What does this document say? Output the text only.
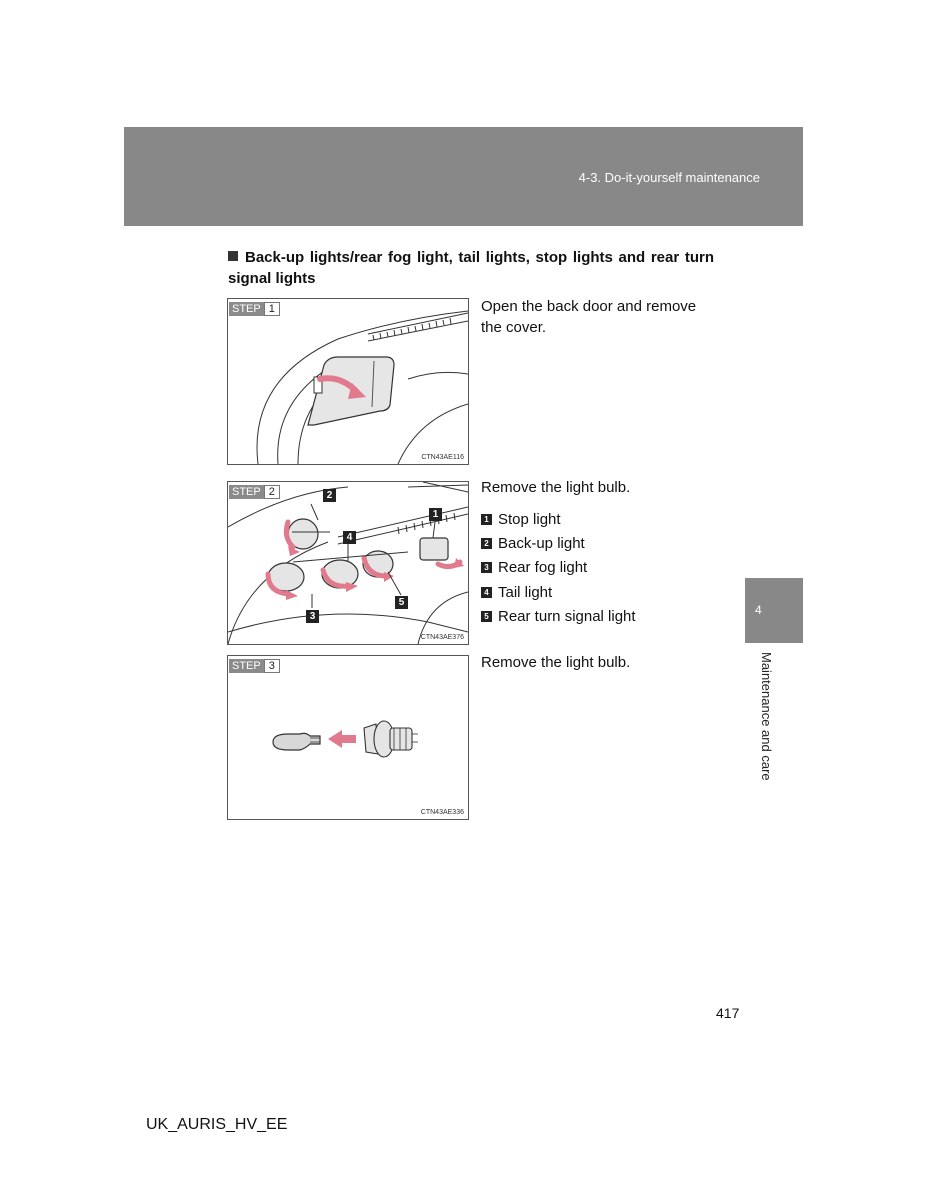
4-3. Do-it-yourself maintenance
Back-up lights/rear fog light, tail lights, stop lights and rear turn signal lights
STEP 1
CTN43AE116
Open the back door and remove the cover.
STEP 2	2
1
4
5
3
CTN43AE376
Remove the light bulb.
1 Stop light
2 Back-up light
3 Rear fog light
4 Tail light
5 Rear turn signal light
STEP 3
CTN43AE336
Remove the light bulb.
4
Maintenance and care
417
UK_AURIS_HV_EE
